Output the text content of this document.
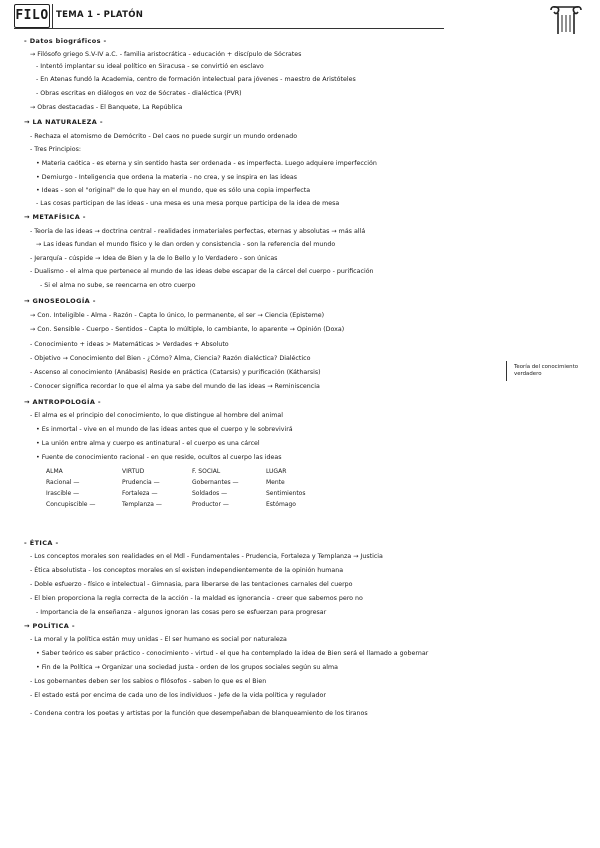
FILO TEMA 1 - PLATÓN
- Datos biográficos -
→ Filósofo griego S.V-IV a.C. - familia aristocrática - educación + discípulo de Sócrates
- Intentó implantar su ideal político en Siracusa - se convirtió en esclavo
- En Atenas fundó la Academia, centro de formación intelectual para jóvenes - maestro de Aristóteles
- Obras escritas en diálogos en voz de Sócrates - dialéctica (PVR)
→ Obras destacadas - El Banquete, La República
→ LA NATURALEZA -
- Rechaza el atomismo de Demócrito - Del caos no puede surgir un mundo ordenado
- Tres Principios:
• Materia caótica - es eterna y sin sentido hasta ser ordenada - es imperfecta. Luego adquiere imperfección
• Demiurgo - Inteligencia que ordena la materia - no crea, y se inspira en las ideas
• Ideas - son el "original" de lo que hay en el mundo, que es sólo una copia imperfecta
- Las cosas participan de las ideas - una mesa es una mesa porque participa de la idea de mesa
→ METAFÍSICA -
- Teoría de las ideas → doctrina central - realidades inmateriales perfectas, eternas y absolutas → más allá
→ Las ideas fundan el mundo físico y le dan orden y consistencia - son la referencia del mundo
- Jerarquía - cúspide → Idea de Bien y la de lo Bello y lo Verdadero - son únicas
- Dualismo - el alma que pertenece al mundo de las ideas debe escapar de la cárcel del cuerpo - purificación
- Si el alma no sube, se reencarna en otro cuerpo
→ GNOSEOLOGÍA -
→ Con. Inteligible - Alma - Razón - Capta lo único, lo permanente, el ser → Ciencia (Episteme)
→ Con. Sensible - Cuerpo - Sentidos - Capta lo múltiple, lo cambiante, lo aparente → Opinión (Doxa)
- Conocimiento + ideas > Matemáticas > Verdades + Absoluto
- Objetivo → Conocimiento del Bien - ¿Cómo? Alma, Ciencia? Razón dialéctica? Dialéctico
- Ascenso al conocimiento (Anábasis) Reside en práctica (Catarsis) y purificación (Kátharsis)
- Conocer significa recordar lo que el alma ya sabe del mundo de las ideas → Reminiscencia
→ ANTROPOLOGÍA -
- El alma es el principio del conocimiento, lo que distingue al hombre del animal
• Es inmortal - vive en el mundo de las ideas antes que el cuerpo y le sobrevivirá
• La unión entre alma y cuerpo es antinatural - el cuerpo es una cárcel
• Fuente de conocimiento racional - en que reside, ocultos al cuerpo las ideas
- ÉTICA -
- Los conceptos morales son realidades en el Mdl - Fundamentales - Prudencia, Fortaleza y Templanza → Justicia
- Ética absolutista - los conceptos morales en sí existen independientemente de la opinión humana
- Doble esfuerzo - físico e intelectual - Gimnasia, para liberarse de las tentaciones carnales del cuerpo
- El bien proporciona la regla correcta de la acción - la maldad es ignorancia - creer que sabemos pero no
- Importancia de la enseñanza - algunos ignoran las cosas pero se esfuerzan para progresar
→ POLÍTICA -
- La moral y la política están muy unidas - El ser humano es social por naturaleza
• Saber teórico es saber práctico - conocimiento - virtud - el que ha contemplado la idea de Bien será el llamado a gobernar
• Fin de la Política → Organizar una sociedad justa - orden de los grupos sociales según su alma
- Los gobernantes deben ser los sabios o filósofos - saben lo que es el Bien
- El estado está por encima de cada uno de los individuos - Jefe de la vida política y regulador
- Condena contra los poetas y artistas por la función que desempeñaban de blanqueamiento de los tiranos
Teoría del conocimiento verdadero
ALMA
Racional —
Irascible —
Concupiscible —
VIRTUD
Prudencia —
Fortaleza —
Templanza —
F. SOCIAL
Gobernantes —
Soldados —
Productor —
LUGAR
Mente
Sentimientos
Estómago
